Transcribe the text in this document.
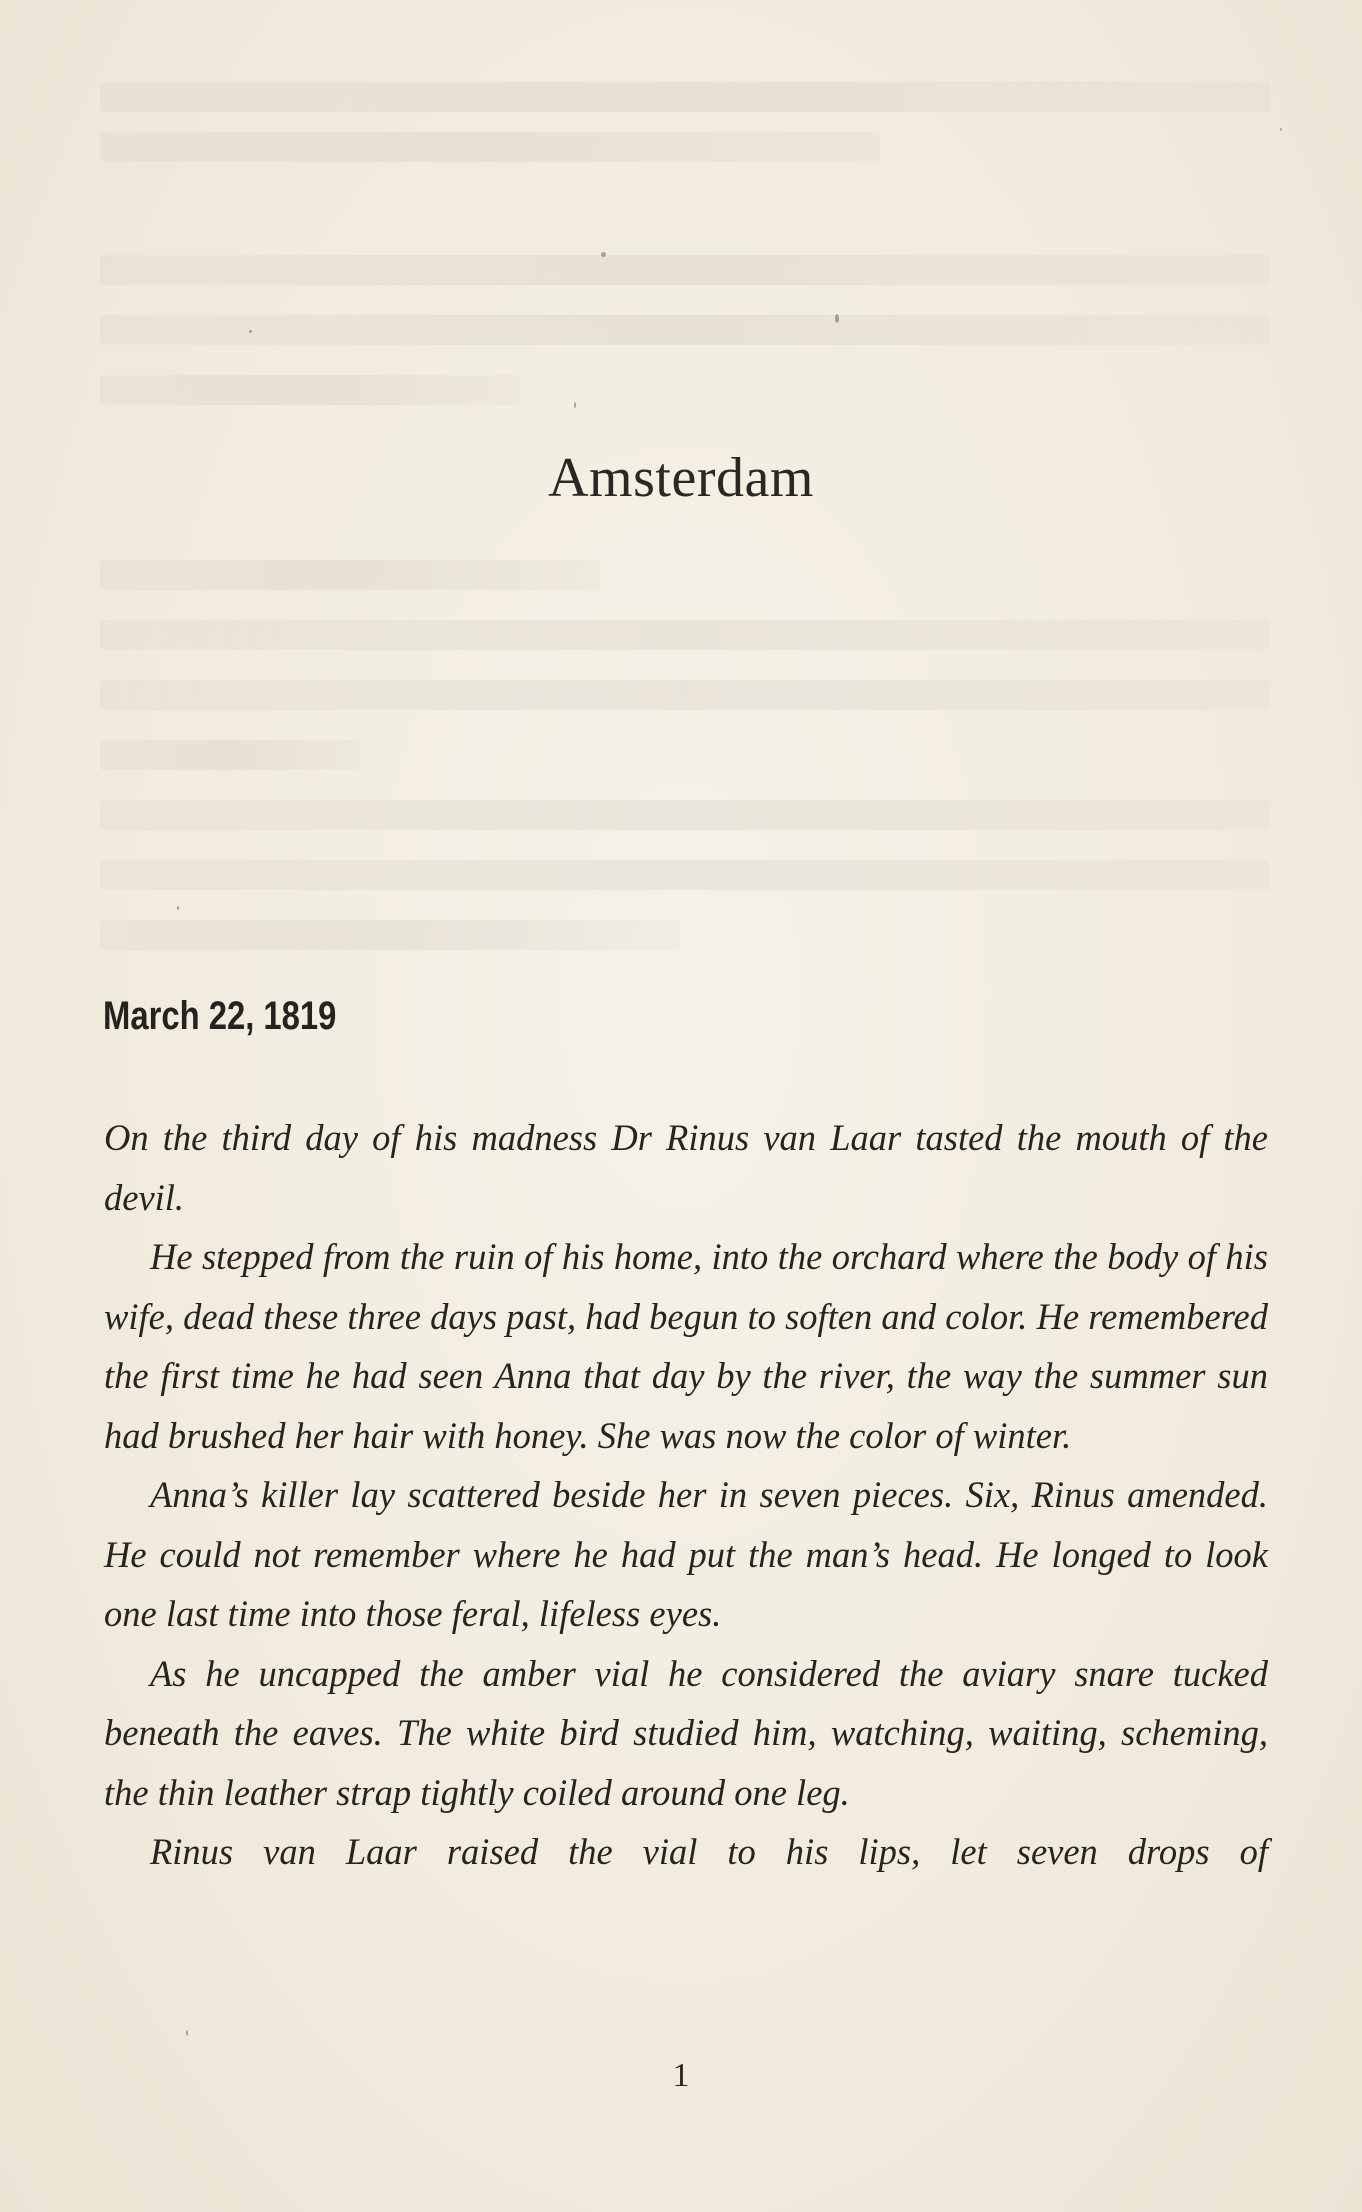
Amsterdam
March 22, 1819

On the third day of his madness Dr Rinus van Laar tasted the mouth of the devil.

He stepped from the ruin of his home, into the orchard where the body of his wife, dead these three days past, had begun to soften and color. He remembered the first time he had seen Anna that day by the river, the way the summer sun had brushed her hair with honey. She was now the color of winter.

Anna’s killer lay scattered beside her in seven pieces. Six, Rinus amended. He could not remember where he had put the man’s head. He longed to look one last time into those feral, lifeless eyes.

As he uncapped the amber vial he considered the aviary snare tucked beneath the eaves. The white bird studied him, watching, waiting, scheming, the thin leather strap tightly coiled around one leg.

Rinus van Laar raised the vial to his lips, let seven drops of

1
